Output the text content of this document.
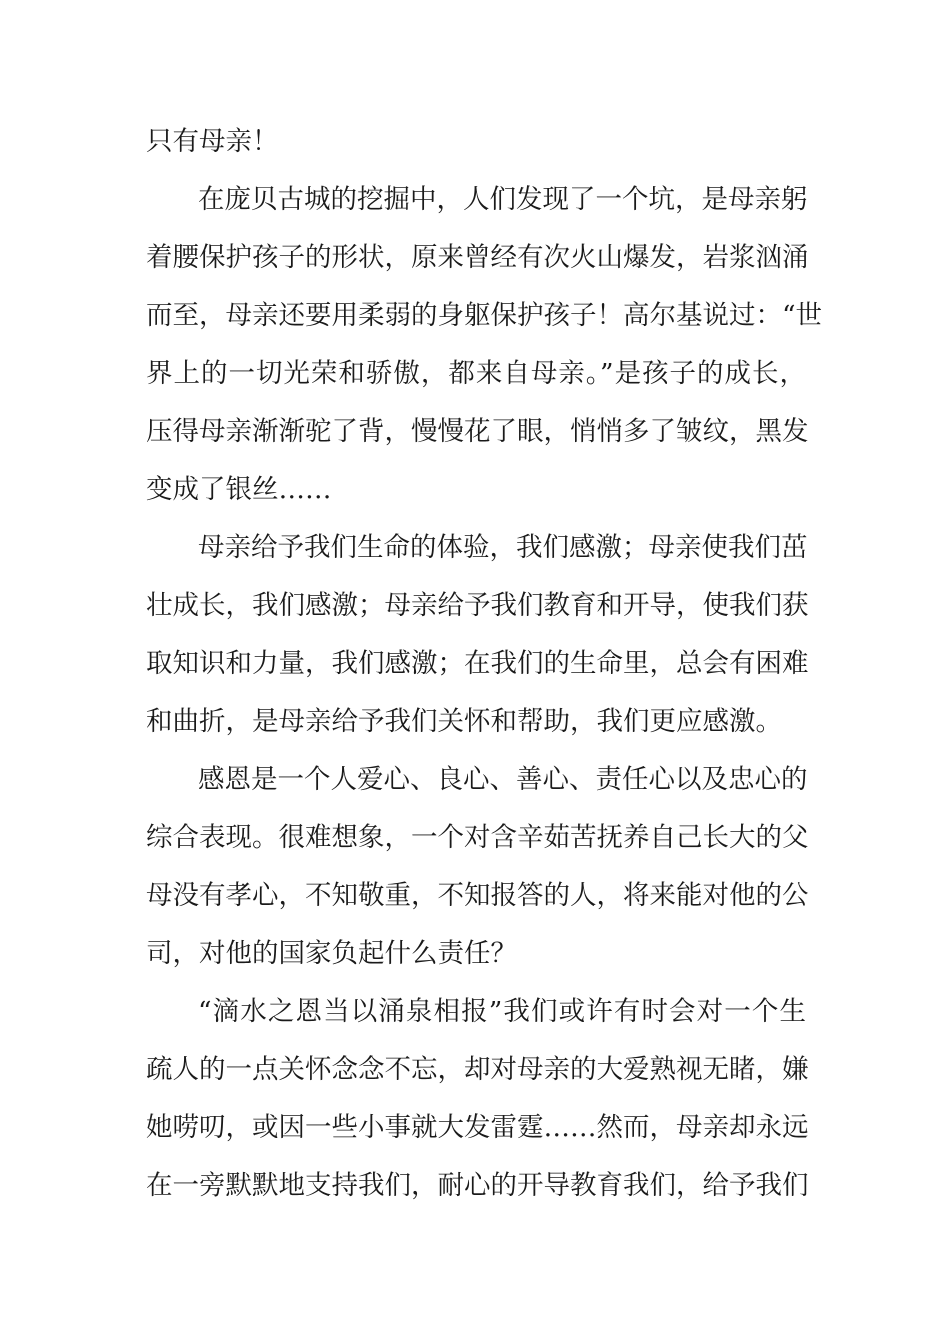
只有母亲！
在庞贝古城的挖掘中，人们发现了一个坑，是母亲躬
着腰保护孩子的形状，原来曾经有次火山爆发，岩浆汹涌
而至，母亲还要用柔弱的身躯保护孩子！高尔基说过：“世
界上的一切光荣和骄傲，都来自母亲。”是孩子的成长，
压得母亲渐渐驼了背，慢慢花了眼，悄悄多了皱纹，黑发
变成了银丝……
母亲给予我们生命的体验，我们感激；母亲使我们茁
壮成长，我们感激；母亲给予我们教育和开导，使我们获
取知识和力量，我们感激；在我们的生命里，总会有困难
和曲折，是母亲给予我们关怀和帮助，我们更应感激。
感恩是一个人爱心、良心、善心、责任心以及忠心的
综合表现。很难想象，一个对含辛茹苦抚养自己长大的父
母没有孝心，不知敬重，不知报答的人，将来能对他的公
司，对他的国家负起什么责任？
“滴水之恩当以涌泉相报”我们或许有时会对一个生
疏人的一点关怀念念不忘，却对母亲的大爱熟视无睹，嫌
她唠叨，或因一些小事就大发雷霆……然而，母亲却永远
在一旁默默地支持我们，耐心的开导教育我们，给予我们
